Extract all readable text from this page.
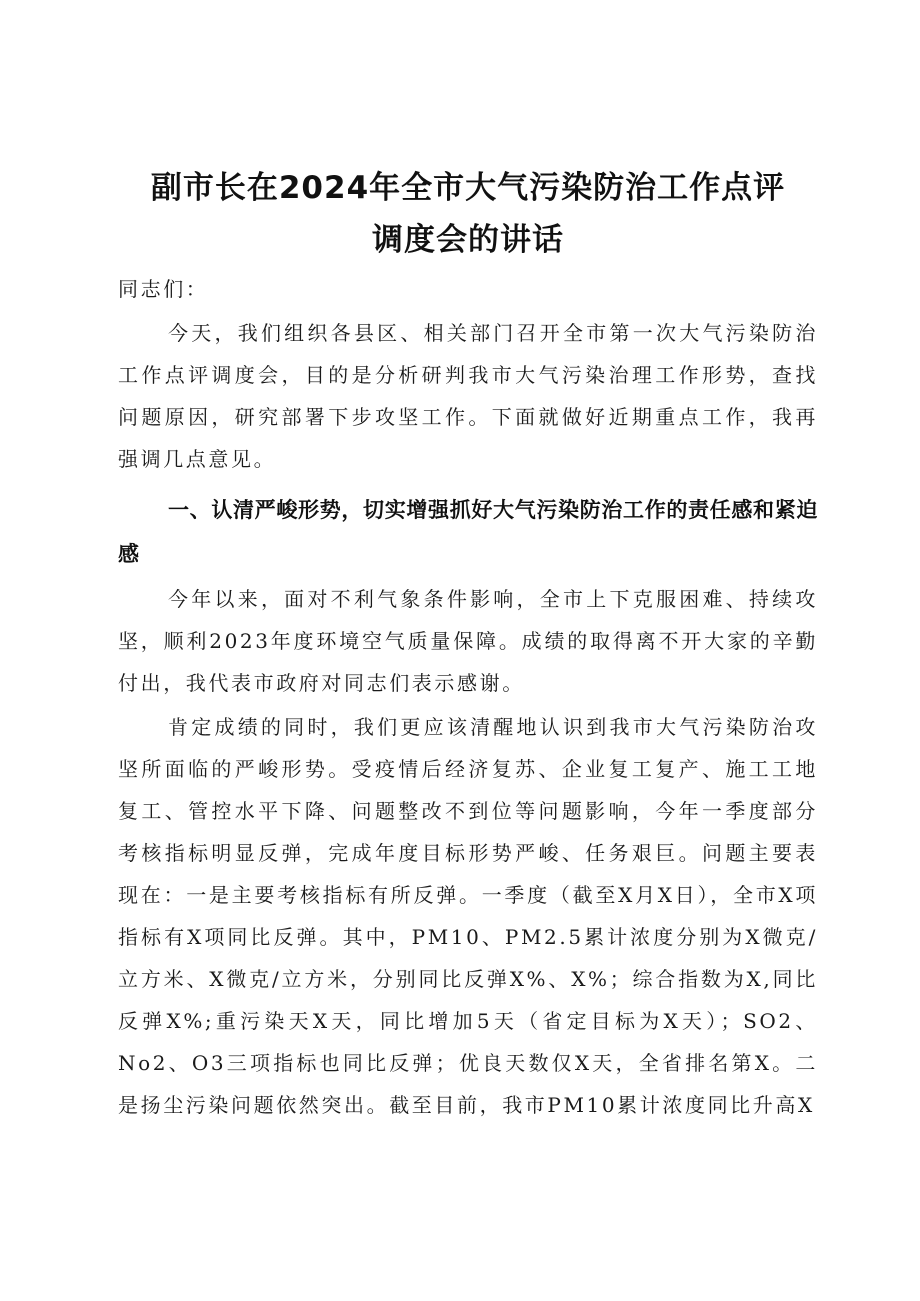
副市长在2024年全市大气污染防治工作点评
调度会的讲话

同志们：

今天，我们组织各县区、相关部门召开全市第一次大气污染防治工作点评调度会，目的是分析研判我市大气污染治理工作形势，查找问题原因，研究部署下步攻坚工作。下面就做好近期重点工作，我再强调几点意见。

一、认清严峻形势，切实增强抓好大气污染防治工作的责任感和紧迫感

今年以来，面对不利气象条件影响，全市上下克服困难、持续攻坚，顺利2023年度环境空气质量保障。成绩的取得离不开大家的辛勤付出，我代表市政府对同志们表示感谢。

肯定成绩的同时，我们更应该清醒地认识到我市大气污染防治攻坚所面临的严峻形势。受疫情后经济复苏、企业复工复产、施工工地复工、管控水平下降、问题整改不到位等问题影响，今年一季度部分考核指标明显反弹，完成年度目标形势严峻、任务艰巨。问题主要表现在：一是主要考核指标有所反弹。一季度（截至X月X日），全市X项指标有X项同比反弹。其中，PM10、PM2.5累计浓度分别为X微克/立方米、X微克/立方米，分别同比反弹X%、X%；综合指数为X,同比反弹X%;重污染天X天，同比增加5天（省定目标为X天）；SO2、No2、O3三项指标也同比反弹；优良天数仅X天，全省排名第X。二是扬尘污染问题依然突出。截至目前，我市PM10累计浓度同比升高X
